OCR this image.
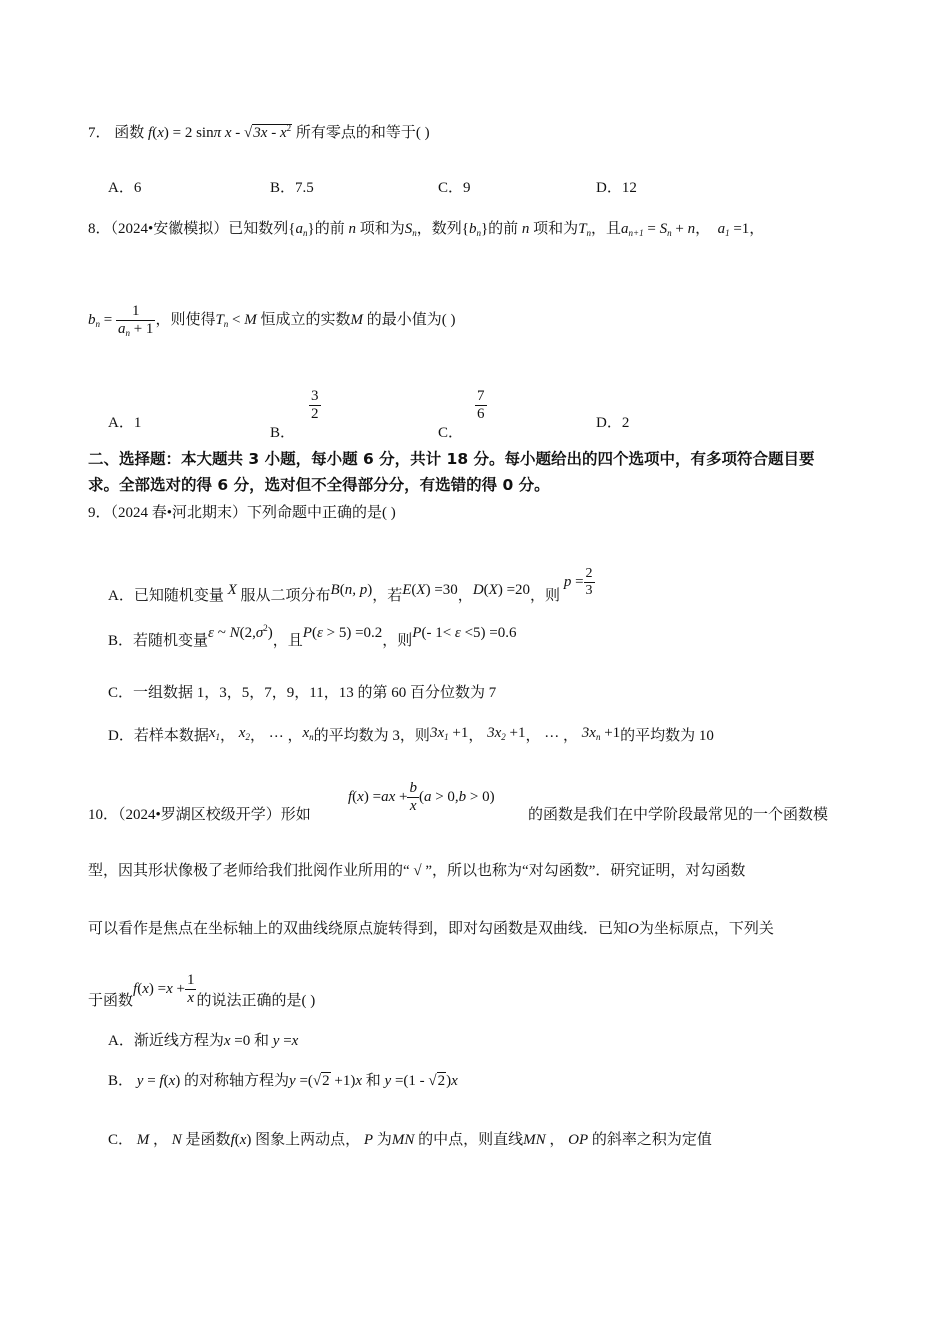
7． 函数 f(x) = 2 sinπ x - $√3x - x^2$ 所有零点的和等于( )
A．6	B．7.5	C．9	D．12
8．（2024•安徽模拟）已知数列$\{a_n\}$的前 n 项和为$S_n$，数列$\{b_n\}$的前 n 项和为$T_n$，且$a_{n+1} = S_n + n$， $a_1 =1$，
$b_n = \frac{1}{a_n + 1}$ ，则使得$T_n < M$ 恒成立的实数M 的最小值为( )
A．1
B．
$\frac{3}{2}$
C．
$\frac{7}{6}$	D．2
二、选择题：本大题共 3 小题，每小题 6 分，共计 18 分。每小题给出的四个选项中，有多项符合题目要
求。全部选对的得 6 分，选对但不全得部分分，有选错的得 0 分。
9．（2024 春•河北期末）下列命题中正确的是( )
A．已知随机变量 X 服从二项分布B(n, p)，若E(X) =30，D(X) =20，则 $p = \frac{2}{3}$
B．若随机变量ε ~ $N(2,\sigma^2)$，且P(ε > 5) =0.2，则P(- 1< ε <5) =0.6
C．一组数据 1，3，5，7，9，11，13 的第 60 百分位数为 7
D．若样本数据$x_1$， $x_2$， … ，$x_n$的平均数为 3，则$3x_1 +1$， $3x_2 +1$， … ， $3x_n +1$的平均数为 10
$f(x) =ax + \frac{b}{x} (a > 0,b > 0)$
10．（2024•罗湖区校级开学）形如	的函数是我们在中学阶段最常见的一个函数模
型，因其形状像极了老师给我们批阅作业所用的“ √ ”，所以也称为“对勾函数”．研究证明，对勾函数
可以看作是焦点在坐标轴上的双曲线绕原点旋转得到，即对勾函数是双曲线．已知O为坐标原点，下列关
于函数$f(x) =x + \frac{1}{x}$ 的说法正确的是( )
A．渐近线方程为x =0 和 y =x
B． y = f(x) 的对称轴方程为y =(√2 +1)x 和 y =(1 - √2)x
C． M ， N 是函数f(x) 图象上两动点， P 为MN 的中点，则直线MN ， OP 的斜率之积为定值
